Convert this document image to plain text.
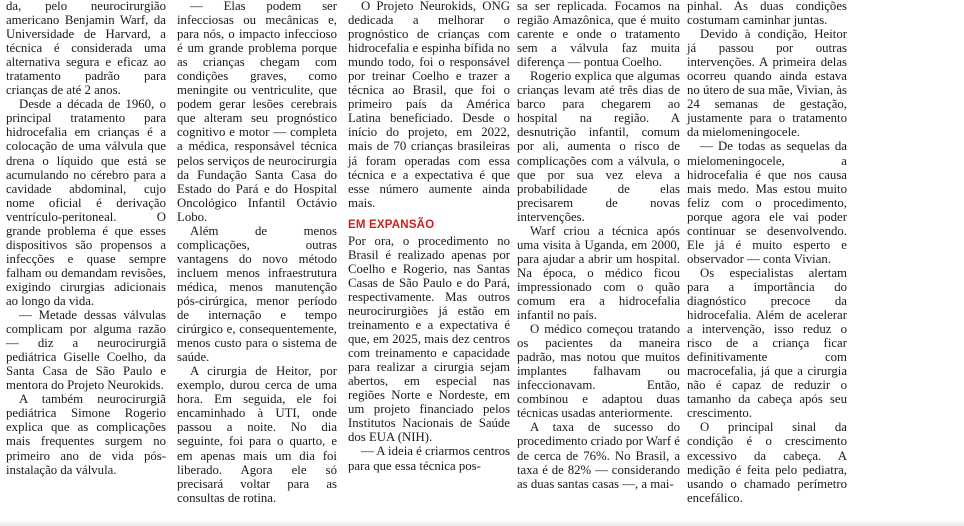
da, pelo neurocirurgião americano Benjamin Warf, da Universidade de Harvard, a técnica é considerada uma alternativa segura e eficaz ao tratamento padrão para crianças de até 2 anos.

Desde a década de 1960, o principal tratamento para hidrocefalia em crianças é a colocação de uma válvula que drena o líquido que está se acumulando no cérebro para a cavidade abdominal, cujo nome oficial é derivação ventrículo-peritoneal. O grande problema é que esses dispositivos são propensos a infecções e quase sempre falham ou demandam revisões, exigindo cirurgias adicionais ao longo da vida.

— Metade dessas válvulas complicam por alguma razão — diz a neurocirurgiã pediátrica Giselle Coelho, da Santa Casa de São Paulo e mentora do Projeto Neurokids.

A também neurocirurgiã pediátrica Simone Rogerio explica que as complicações mais frequentes surgem no primeiro ano de vida pós-instalação da válvula.

— Elas podem ser infecciosas ou mecânicas e, para nós, o impacto infeccioso é um grande problema porque as crianças chegam com condições graves, como meningite ou ventriculite, que podem gerar lesões cerebrais que alteram seu prognóstico cognitivo e motor — completa a médica, responsável técnica pelos serviços de neurocirurgia da Fundação Santa Casa do Estado do Pará e do Hospital Oncológico Infantil Octávio Lobo.

Além de menos complicações, outras vantagens do novo método incluem menos infraestrutura médica, menos manutenção pós-cirúrgica, menor período de internação e tempo cirúrgico e, consequentemente, menos custo para o sistema de saúde.

A cirurgia de Heitor, por exemplo, durou cerca de uma hora. Em seguida, ele foi encaminhado à UTI, onde passou a noite. No dia seguinte, foi para o quarto, e em apenas mais um dia foi liberado. Agora ele só precisará voltar para as consultas de rotina.

O Projeto Neurokids, ONG dedicada a melhorar o prognóstico de crianças com hidrocefalia e espinha bífida no mundo todo, foi o responsável por treinar Coelho e trazer a técnica ao Brasil, que foi o primeiro país da América Latina beneficiado. Desde o início do projeto, em 2022, mais de 70 crianças brasileiras já foram operadas com essa técnica e a expectativa é que esse número aumente ainda mais.

EM EXPANSÃO

Por ora, o procedimento no Brasil é realizado apenas por Coelho e Rogerio, nas Santas Casas de São Paulo e do Pará, respectivamente. Mas outros neurocirurgiões já estão em treinamento e a expectativa é que, em 2025, mais dez centros com treinamento e capacidade para realizar a cirurgia sejam abertos, em especial nas regiões Norte e Nordeste, em um projeto financiado pelos Institutos Nacionais de Saúde dos EUA (NIH).

— A ideia é criarmos centros para que essa técnica pos-

sa ser replicada. Focamos na região Amazônica, que é muito carente e onde o tratamento sem a válvula faz muita diferença — pontua Coelho.

Rogerio explica que algumas crianças levam até três dias de barco para chegarem ao hospital na região. A desnutrição infantil, comum por ali, aumenta o risco de complicações com a válvula, o que por sua vez eleva a probabilidade de elas precisarem de novas intervenções.

Warf criou a técnica após uma visita à Uganda, em 2000, para ajudar a abrir um hospital. Na época, o médico ficou impressionado com o quão comum era a hidrocefalia infantil no país.

O médico começou tratando os pacientes da maneira padrão, mas notou que muitos implantes falhavam ou infeccionavam. Então, combinou e adaptou duas técnicas usadas anteriormente.

A taxa de sucesso do procedimento criado por Warf é de cerca de 76%. No Brasil, a taxa é de 82% — considerando as duas santas casas —, a mai-

pinhal. As duas condições costumam caminhar juntas.

Devido à condição, Heitor já passou por outras intervenções. A primeira delas ocorreu quando ainda estava no útero de sua mãe, Vivian, às 24 semanas de gestação, justamente para o tratamento da mielomeningocele.

— De todas as sequelas da mielomeningocele, a hidrocefalia é que nos causa mais medo. Mas estou muito feliz com o procedimento, porque agora ele vai poder continuar se desenvolvendo. Ele já é muito esperto e observador — conta Vivian.

Os especialistas alertam para a importância do diagnóstico precoce da hidrocefalia. Além de acelerar a intervenção, isso reduz o risco de a criança ficar definitivamente com macrocefalia, já que a cirurgia não é capaz de reduzir o tamanho da cabeça após seu crescimento.

O principal sinal da condição é o crescimento excessivo da cabeça. A medição é feita pelo pediatra, usando o chamado perímetro encefálico.
